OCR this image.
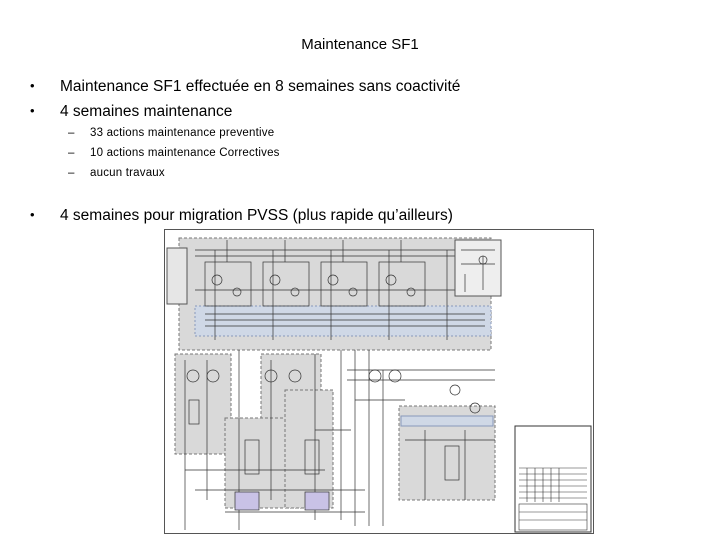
Maintenance SF1
• Maintenance SF1 effectuée en 8 semaines sans coactivité
• 4 semaines maintenance
– 33 actions maintenance preventive
– 10 actions maintenance Correctives
– aucun travaux
• 4 semaines pour migration PVSS (plus rapide qu’ailleurs)
